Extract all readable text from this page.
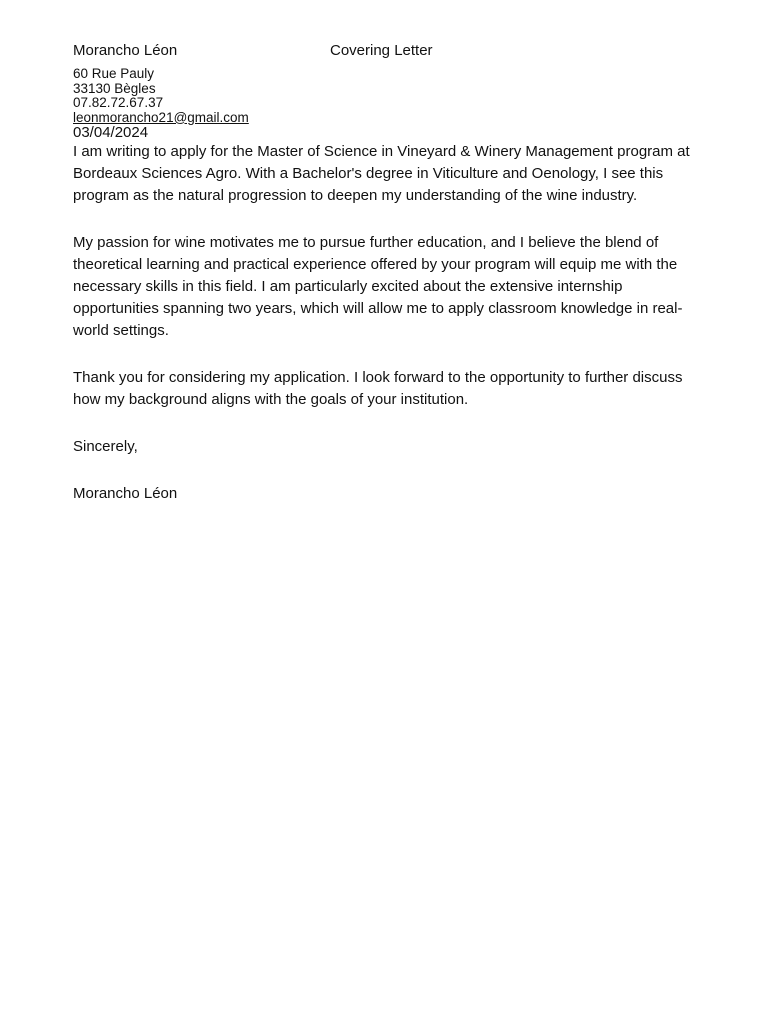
Morancho Léon	Covering Letter
60 Rue Pauly
33130 Bègles
07.82.72.67.37
leonmorancho21@gmail.com
03/04/2024

I am writing to apply for the Master of Science in Vineyard & Winery Management program at Bordeaux Sciences Agro. With a Bachelor's degree in Viticulture and Oenology, I see this program as the natural progression to deepen my understanding of the wine industry.

My passion for wine motivates me to pursue further education, and I believe the blend of theoretical learning and practical experience offered by your program will equip me with the necessary skills in this field. I am particularly excited about the extensive internship opportunities spanning two years, which will allow me to apply classroom knowledge in real-world settings.

Thank you for considering my application. I look forward to the opportunity to further discuss how my background aligns with the goals of your institution.

Sincerely,

Morancho Léon
